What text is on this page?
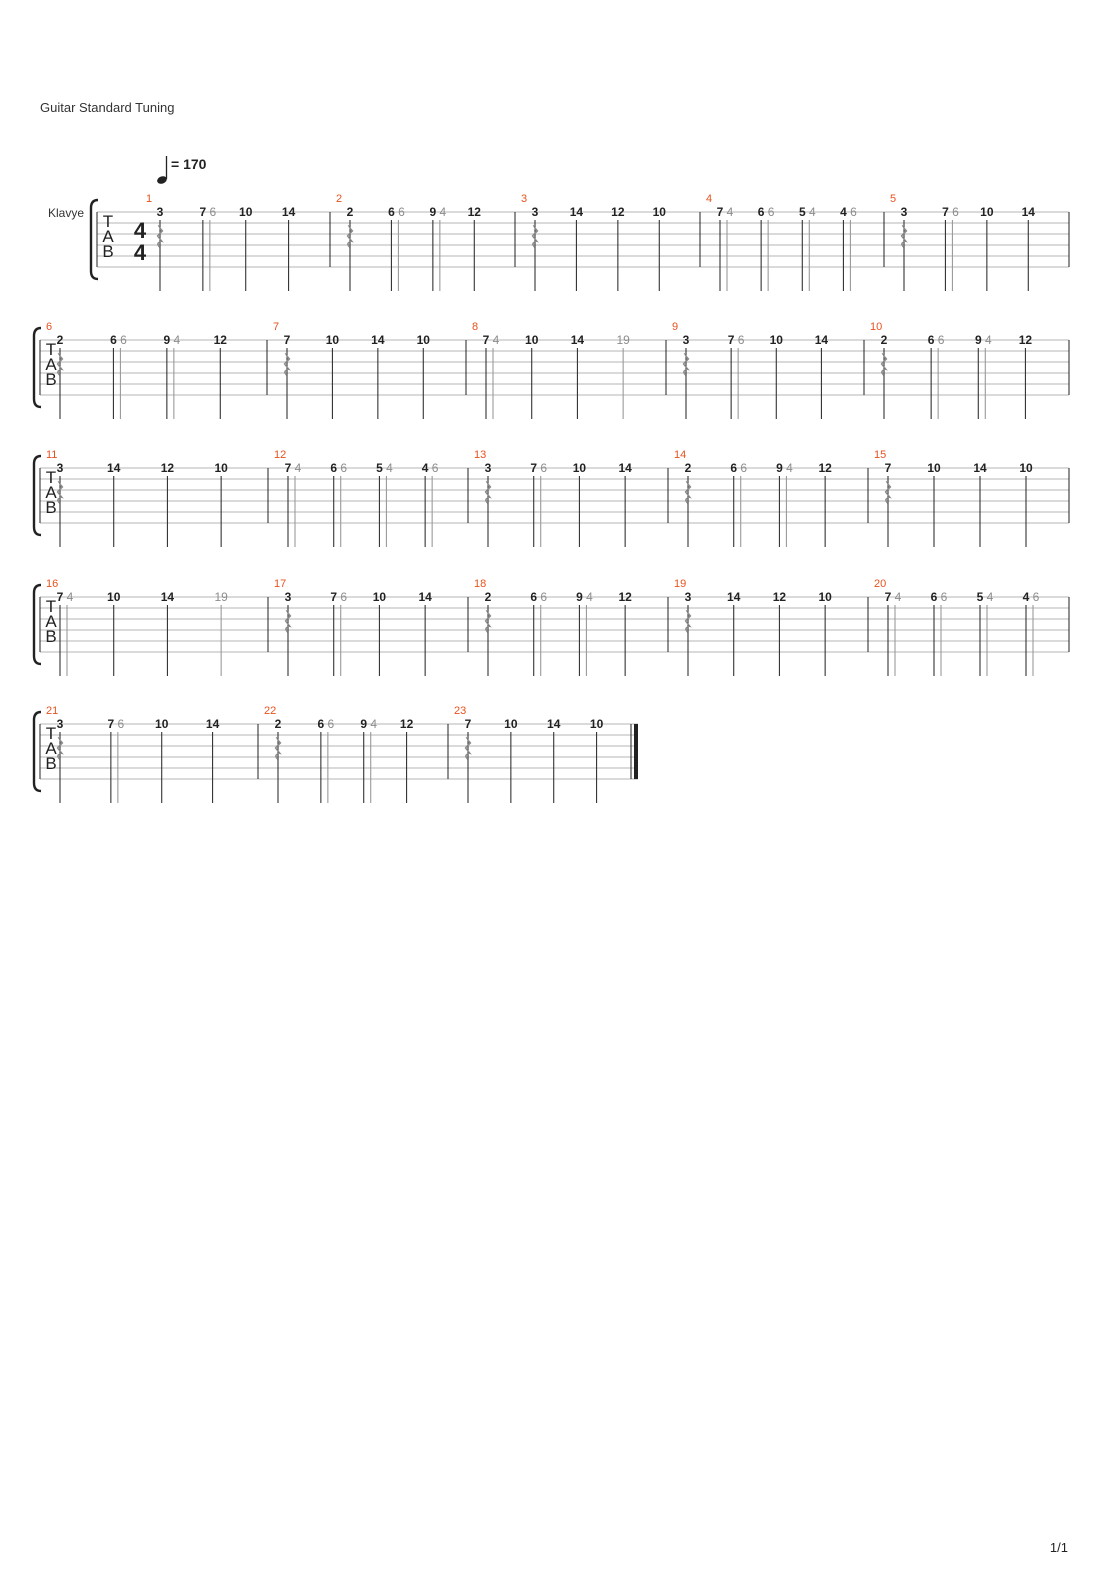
Guitar Standard Tuning
= 170
Klavye T
A
B
4
4
1
3	7 6 10 14
2
2	6 6 9 4 12
3
3	14 12 10
4
7 4 6 6 5 4 4 6
5
3	7 6 10 14
T
A
B
6
2	6 6	9 4	12
7
7	10	14	10
8
7 4 10	14	19
9
3	7 6 10	14
10
2	6 6	9 4 12
T
A
B
11
3	14	12	10
12
7 4 6 6 5 4 4 6
13
3	7 6 10	14
14
2	6 6 9 4 12
15
7	10	14	10
T
A
B
16
7 4	10	14	19
17
3	7 6 10	14
18
2	6 6 9 4 12
19
3	14	12	10
20
7 4 6 6 5 4 4 6
T
A
B
21
3	7 6	10	14
22
2	6 6 9 4 12
23
7	10 14 10
1/1
